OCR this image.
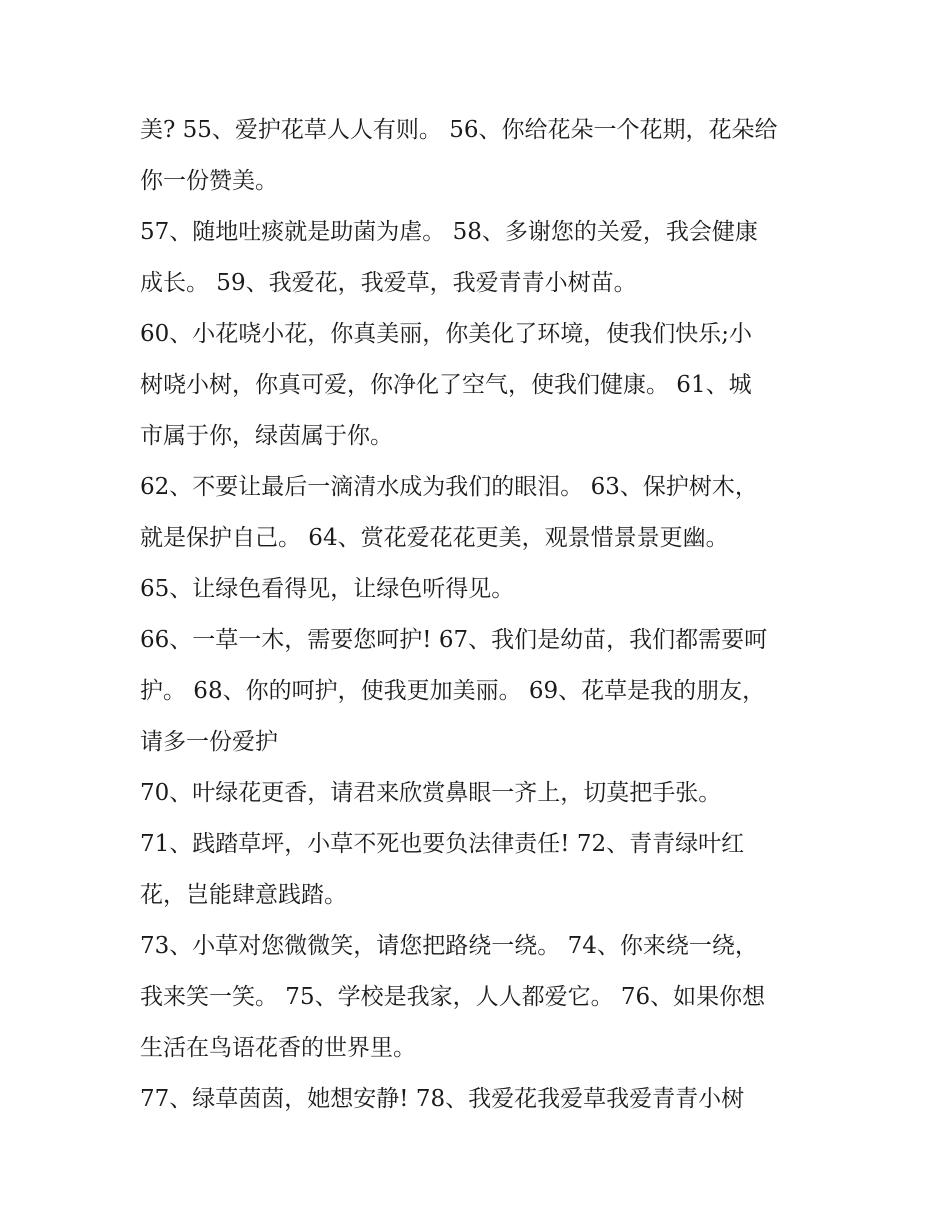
美? 55、爱护花草人人有则。 56、你给花朵一个花期，花朵给
你一份赞美。
57、随地吐痰就是助菌为虐。 58、多谢您的关爱，我会健康
成长。 59、我爱花，我爱草，我爱青青小树苗。
60、小花哓小花，你真美丽，你美化了环境，使我们快乐;小
树哓小树，你真可爱，你净化了空气，使我们健康。 61、城
市属于你，绿茵属于你。
62、不要让最后一滴清水成为我们的眼泪。 63、保护树木，
就是保护自己。 64、赏花爱花花更美，观景惜景景更幽。
65、让绿色看得见，让绿色听得见。
66、一草一木，需要您呵护! 67、我们是幼苗，我们都需要呵
护。 68、你的呵护，使我更加美丽。 69、花草是我的朋友，
请多一份爱护
70、叶绿花更香，请君来欣赏鼻眼一齐上，切莫把手张。
71、践踏草坪，小草不死也要负法律责任! 72、青青绿叶红
花，岂能肆意践踏。
73、小草对您微微笑，请您把路绕一绕。 74、你来绕一绕，
我来笑一笑。 75、学校是我家，人人都爱它。 76、如果你想
生活在鸟语花香的世界里。
77、绿草茵茵，她想安静! 78、我爱花我爱草我爱青青小树
